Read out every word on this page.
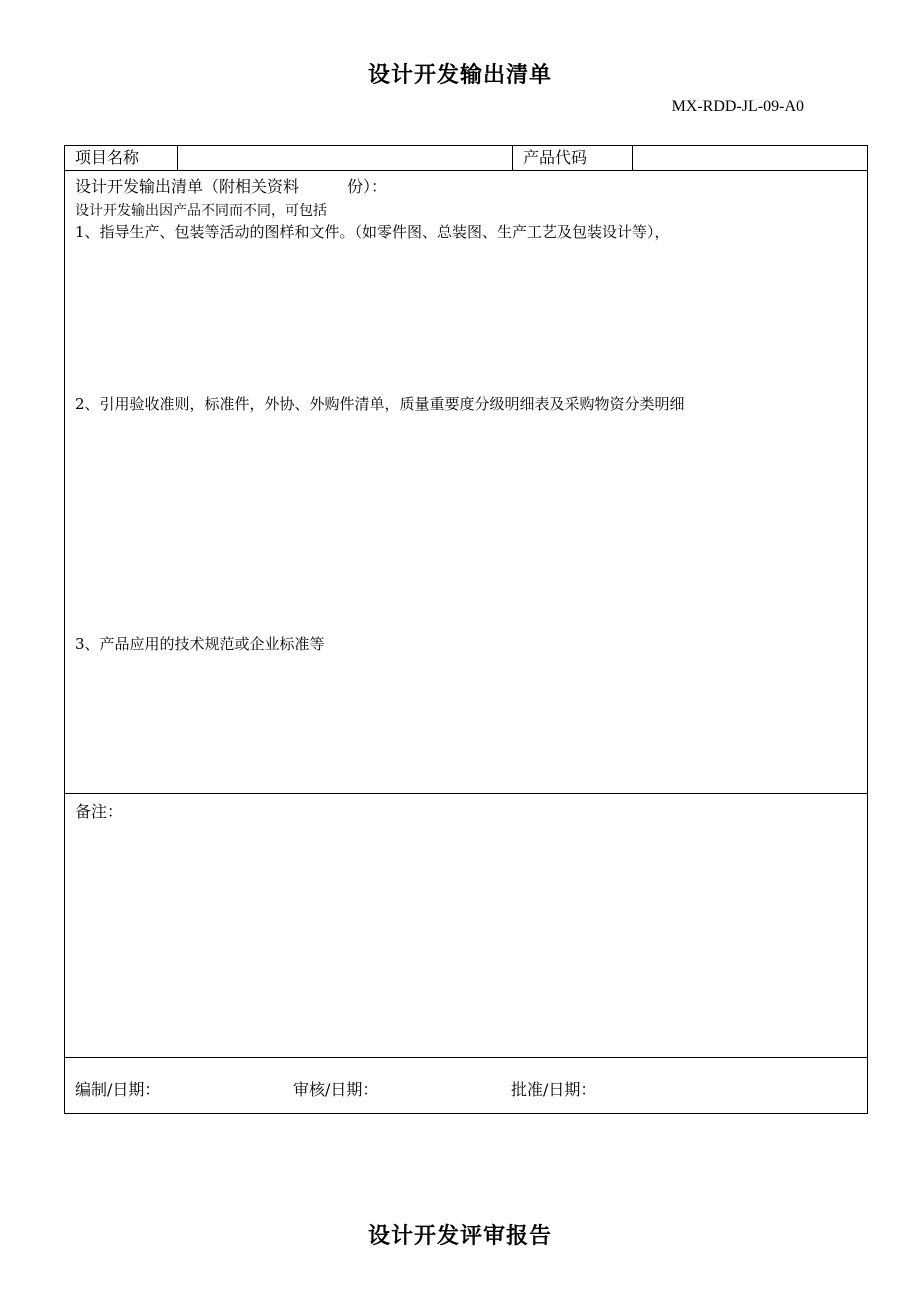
设计开发输出清单
MX-RDD-JL-09-A0
项目名称	产品代码
设计开发输出清单（附相关资料　　　份）：
设计开发输出因产品不同而不同，可包括
1、指导生产、包装等活动的图样和文件。（如零件图、总装图、生产工艺及包装设计等），
2、引用验收准则，标准件，外协、外购件清单，质量重要度分级明细表及采购物资分类明细
3、产品应用的技术规范或企业标准等
备注：
编制/日期：	审核/日期：	批准/日期：
设计开发评审报告
